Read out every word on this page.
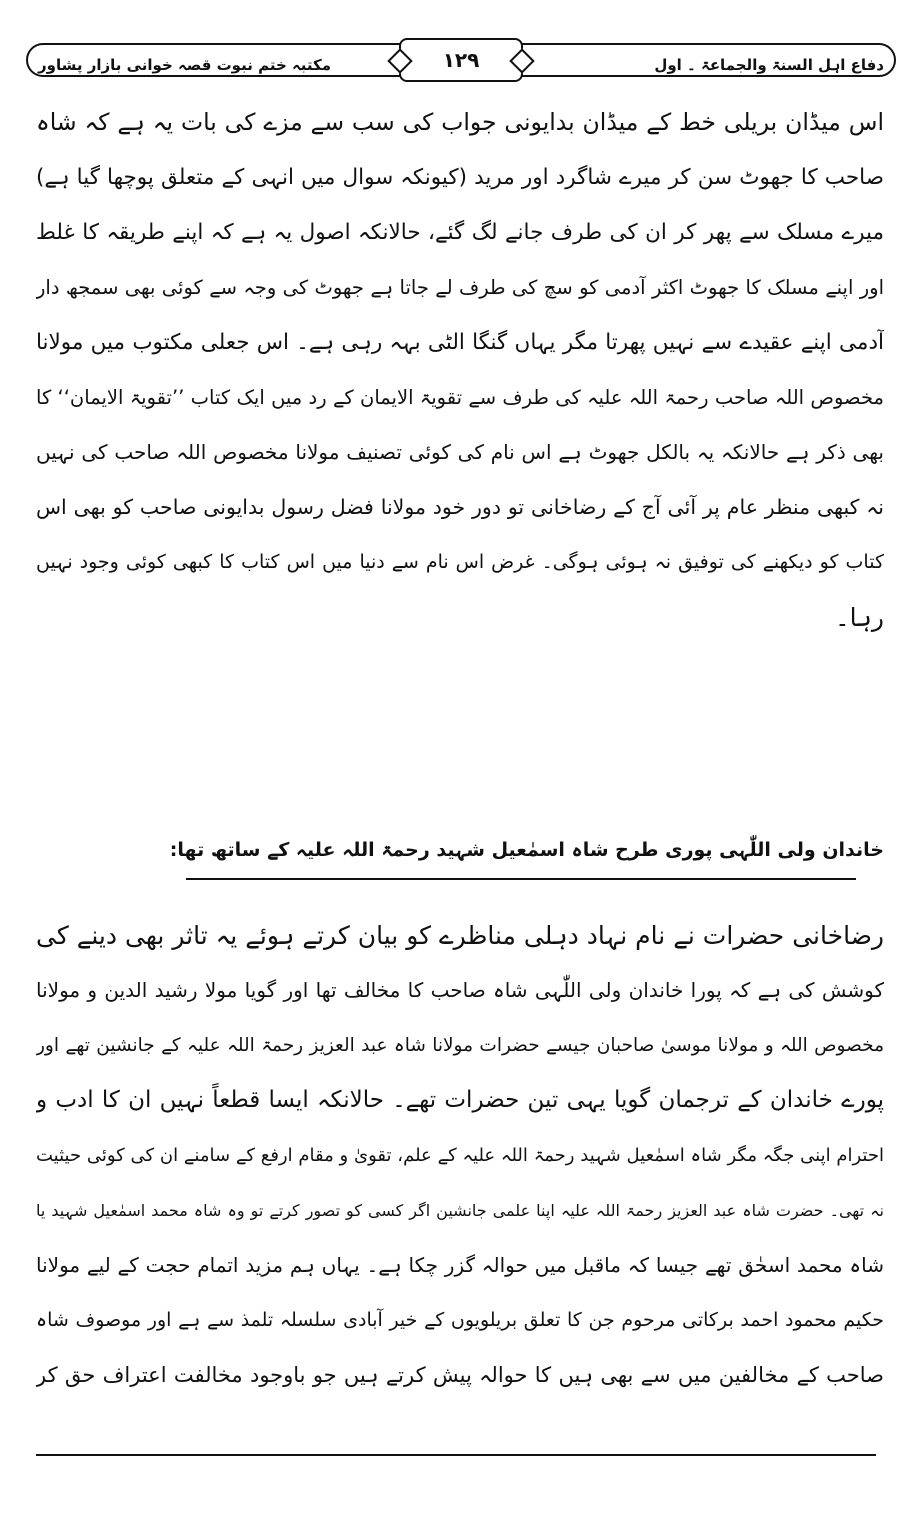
مکتبہ ختم نبوت قصہ خوانی بازار پشاور	دفاع اہل السنۃ والجماعۃ ۔ اول
۱۲۹
اس میڈان بریلی خط کے میڈان بدایونی جواب کی سب سے مزے کی بات یہ ہے کہ شاہ
صاحب کا جھوٹ سن کر میرے شاگرد اور مرید (کیونکہ سوال میں انہی کے متعلق پوچھا گیا ہے)
میرے مسلک سے پھر کر ان کی طرف جانے لگ گئے، حالانکہ اصول یہ ہے کہ اپنے طریقہ کا غلط
اور اپنے مسلک کا جھوٹ اکثر آدمی کو سچ کی طرف لے جاتا ہے جھوٹ کی وجہ سے کوئی بھی سمجھ دار
آدمی اپنے عقیدے سے نہیں پھرتا مگر یہاں گنگا الٹی بہہ رہی ہے۔ اس جعلی مکتوب میں مولانا
مخصوص اللہ صاحب رحمۃ اللہ علیہ کی طرف سے تقویۃ الایمان کے رد میں ایک کتاب ’’تقویۃ الایمان‘‘ کا
بھی ذکر ہے حالانکہ یہ بالکل جھوٹ ہے اس نام کی کوئی تصنیف مولانا مخصوص اللہ صاحب کی نہیں
نہ کبھی منظر عام پر آئی آج کے رضاخانی تو دور خود مولانا فضل رسول بدایونی صاحب کو بھی اس
کتاب کو دیکھنے کی توفیق نہ ہوئی ہوگی۔ غرض اس نام سے دنیا میں اس کتاب کا کبھی کوئی وجود نہیں
رہا۔
خاندان ولی اللّٰہی پوری طرح شاہ اسمٰعیل شہید رحمۃ اللہ علیہ کے ساتھ تھا:
رضاخانی حضرات نے نام نہاد دہلی مناظرے کو بیان کرتے ہوئے یہ تاثر بھی دینے کی
کوشش کی ہے کہ پورا خاندان ولی اللّٰہی شاہ صاحب کا مخالف تھا اور گویا مولا رشید الدین و مولانا
مخصوص اللہ و مولانا موسیٰ صاحبان جیسے حضرات مولانا شاہ عبد العزیز رحمۃ اللہ علیہ کے جانشین تھے اور
پورے خاندان کے ترجمان گویا یہی تین حضرات تھے۔ حالانکہ ایسا قطعاً نہیں ان کا ادب و
احترام اپنی جگہ مگر شاہ اسمٰعیل شہید رحمۃ اللہ علیہ کے علم، تقویٰ و مقام ارفع کے سامنے ان کی کوئی حیثیت
نہ تھی۔ حضرت شاہ عبد العزیز رحمۃ اللہ علیہ اپنا علمی جانشین اگر کسی کو تصور کرتے تو وہ شاہ محمد اسمٰعیل شہید یا
شاہ محمد اسحٰق تھے جیسا کہ ماقبل میں حوالہ گزر چکا ہے۔ یہاں ہم مزید اتمام حجت کے لیے مولانا
حکیم محمود احمد برکاتی مرحوم جن کا تعلق بریلویوں کے خیر آبادی سلسلہ تلمذ سے ہے اور موصوف شاہ
صاحب کے مخالفین میں سے بھی ہیں کا حوالہ پیش کرتے ہیں جو باوجود مخالفت اعتراف حق کر
